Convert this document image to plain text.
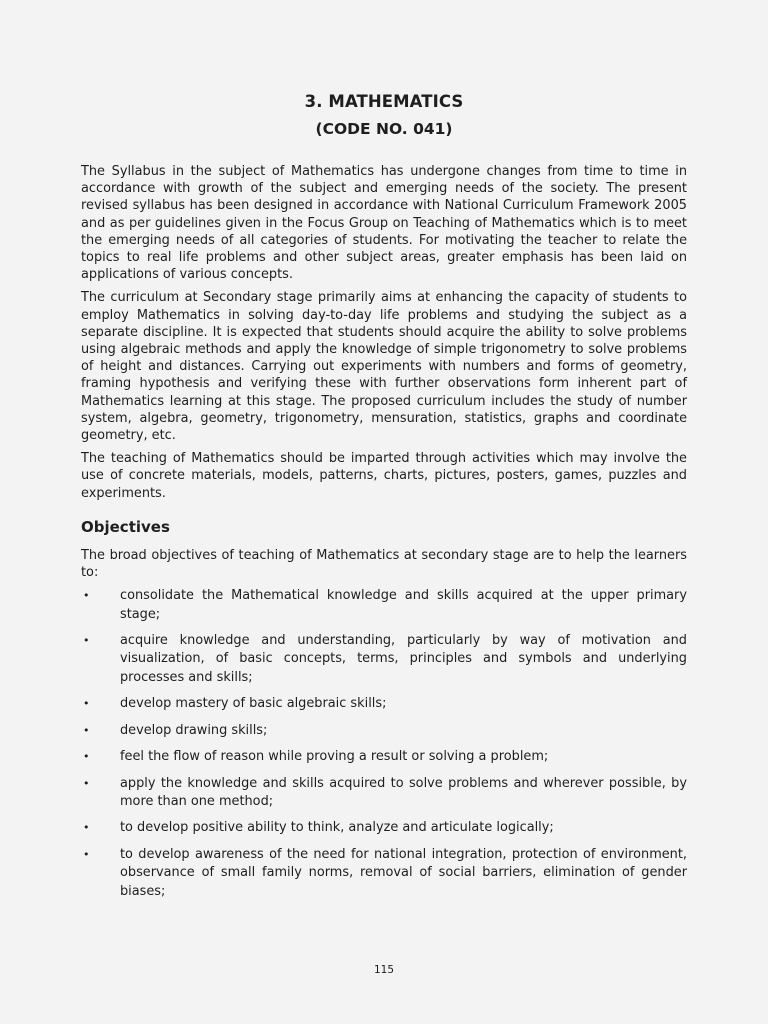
3. MATHEMATICS
(CODE NO. 041)

The Syllabus in the subject of Mathematics has undergone changes from time to time in accordance with growth of the subject and emerging needs of the society. The present revised syllabus has been designed in accordance with National Curriculum Framework 2005 and as per guidelines given in the Focus Group on Teaching of Mathematics which is to meet the emerging needs of all categories of students. For motivating the teacher to relate the topics to real life problems and other subject areas, greater emphasis has been laid on applications of various concepts.

The curriculum at Secondary stage primarily aims at enhancing the capacity of students to employ Mathematics in solving day-to-day life problems and studying the subject as a separate discipline. It is expected that students should acquire the ability to solve problems using algebraic methods and apply the knowledge of simple trigonometry to solve problems of height and distances. Carrying out experiments with numbers and forms of geometry, framing hypothesis and verifying these with further observations form inherent part of Mathematics learning at this stage. The proposed curriculum includes the study of number system, algebra, geometry, trigonometry, mensuration, statistics, graphs and coordinate geometry, etc.

The teaching of Mathematics should be imparted through activities which may involve the use of concrete materials, models, patterns, charts, pictures, posters, games, puzzles and experiments.

Objectives

The broad objectives of teaching of Mathematics at secondary stage are to help the learners to:

• consolidate the Mathematical knowledge and skills acquired at the upper primary stage;
• acquire knowledge and understanding, particularly by way of motivation and visualization, of basic concepts, terms, principles and symbols and underlying processes and skills;
• develop mastery of basic algebraic skills;
• develop drawing skills;
• feel the flow of reason while proving a result or solving a problem;
• apply the knowledge and skills acquired to solve problems and wherever possible, by more than one method;
• to develop positive ability to think, analyze and articulate logically;
• to develop awareness of the need for national integration, protection of environment, observance of small family norms, removal of social barriers, elimination of gender biases;
115
